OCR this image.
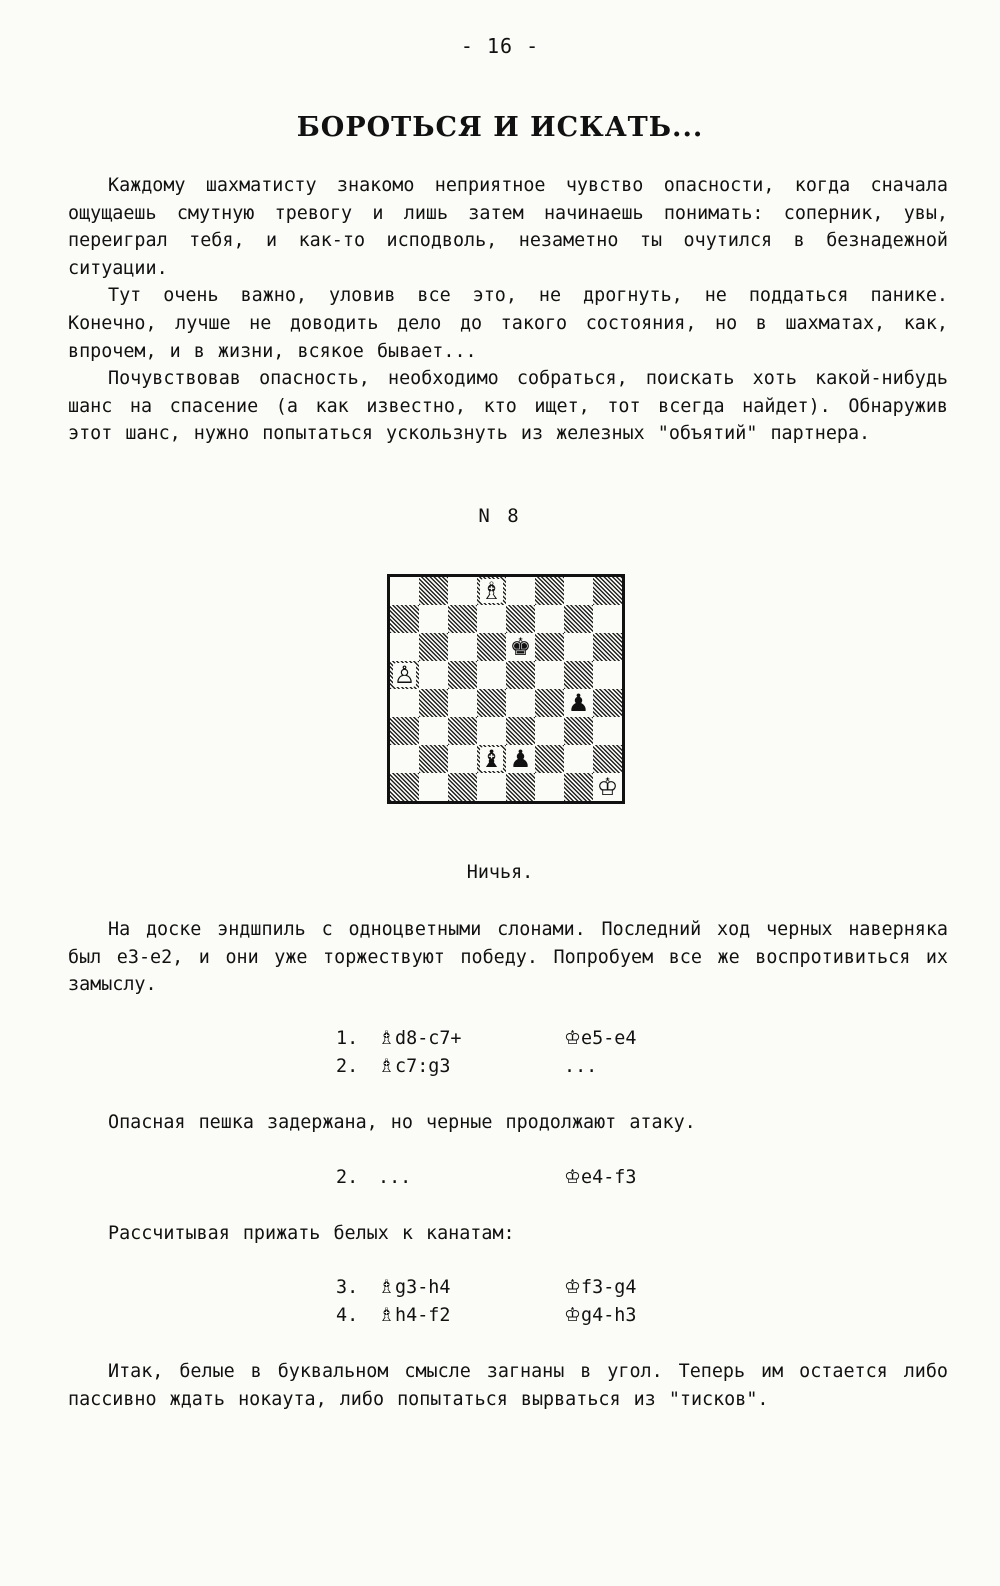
- 16 -
БОРОТЬСЯ И ИСКАТЬ...

Каждому шахматисту знакомо неприятное чувство опасности, когда сначала ощущаешь смутную тревогу и лишь затем начинаешь понимать: соперник, увы, переиграл тебя, и как-то исподволь, незаметно ты очутился в безнадежной ситуации.

Тут очень важно, уловив все это, не дрогнуть, не поддаться панике. Конечно, лучше не доводить дело до такого состояния, но в шахматах, как, впрочем, и в жизни, всякое бывает...

Почувствовав опасность, необходимо собраться, поискать хоть какой-нибудь шанс на спасение (а как известно, кто ищет, тот всегда найдет). Обнаружив этот шанс, нужно попытаться ускользнуть из железных "объятий" партнера.

N 8
♗
♚
♙
♟
♝ ♟
♔
Ничья.

На доске эндшпиль с одноцветными слонами. Последний ход черных наверняка был e3-e2, и они уже торжествуют победу. Попробуем все же воспротивиться их замыслу.

1.	♗d8-c7+	♔e5-e4
2.	♗c7:g3	...

Опасная пешка задержана, но черные продолжают атаку.

2.	...	♔e4-f3

Рассчитывая прижать белых к канатам:

3.	♗g3-h4	♔f3-g4
4.	♗h4-f2	♔g4-h3

Итак, белые в буквальном смысле загнаны в угол. Теперь им остается либо пассивно ждать нокаута, либо попытаться вырваться из "тисков".
